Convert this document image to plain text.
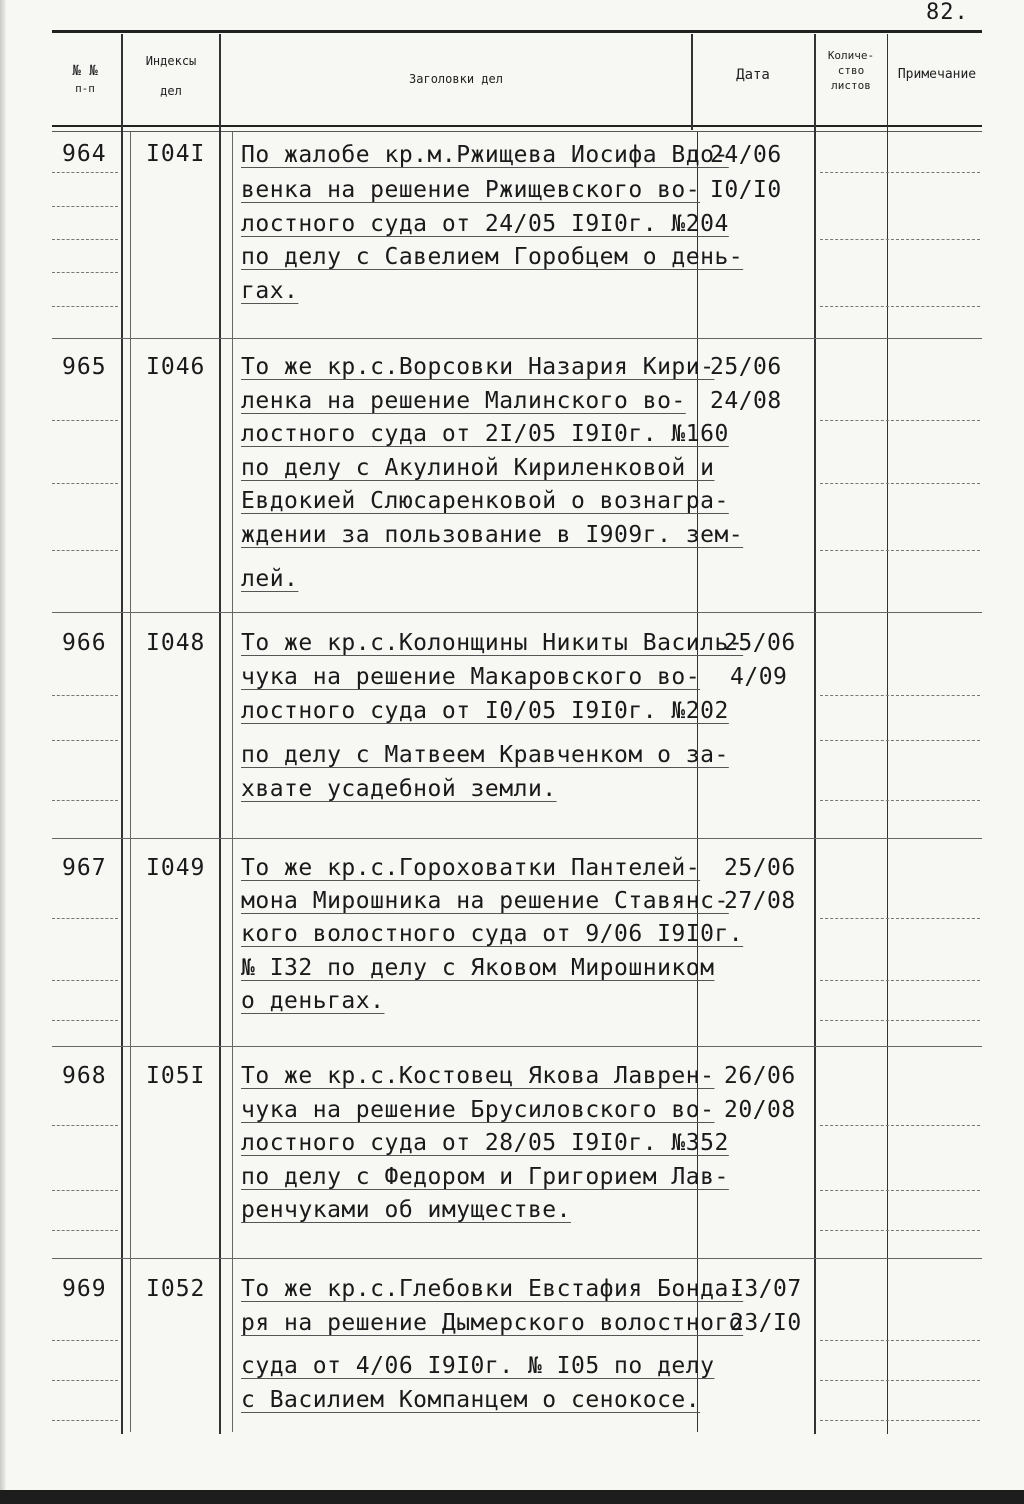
82.
№ №
п-п
Индексы
дел
Заголовки дел	Дата
Количе-
ство
листов
Примечание
964 I04I По жалобе кр.м.Ржищева Иосифа Вдо-
венка на решение Ржищевского во-
лостного суда от 24/05 I9I0г. №204
по делу с Савелием Горобцем о день-
гах.
24/06
I0/I0
965 I046 То же кр.с.Ворсовки Назария Кири-
ленка на решение Малинского во-
лостного суда от 2I/05 I9I0г. №160
по делу с Акулиной Кириленковой и
Евдокией Слюсаренковой о вознагра-
ждении за пользование в I909г. зем-
лей.
25/06
24/08
966 I048 То же кр.с.Колонщины Никиты Василь-
чука на решение Макаровского во-
лостного суда от I0/05 I9I0г. №202
по делу с Матвеем Кравченком о за-
хвате усадебной земли.
25/06
4/09
967 I049 То же кр.с.Гороховатки Пантелей-
мона Мирошника на решение Ставянс-
кого волостного суда от 9/06 I9I0г.
№ I32 по делу с Яковом Мирошником
о деньгах.
25/06
27/08
968 I05I То же кр.с.Костовец Якова Лаврен-
чука на решение Брусиловского во-
лостного суда от 28/05 I9I0г. №352
по делу с Федором и Григорием Лав-
ренчуками об имуществе.
26/06
20/08
969 I052 То же кр.с.Глебовки Евстафия Бонда-
ря на решение Дымерского волостного
суда от 4/06 I9I0г. № I05 по делу
с Василием Компанцем о сенокосе.
I3/07
23/I0
